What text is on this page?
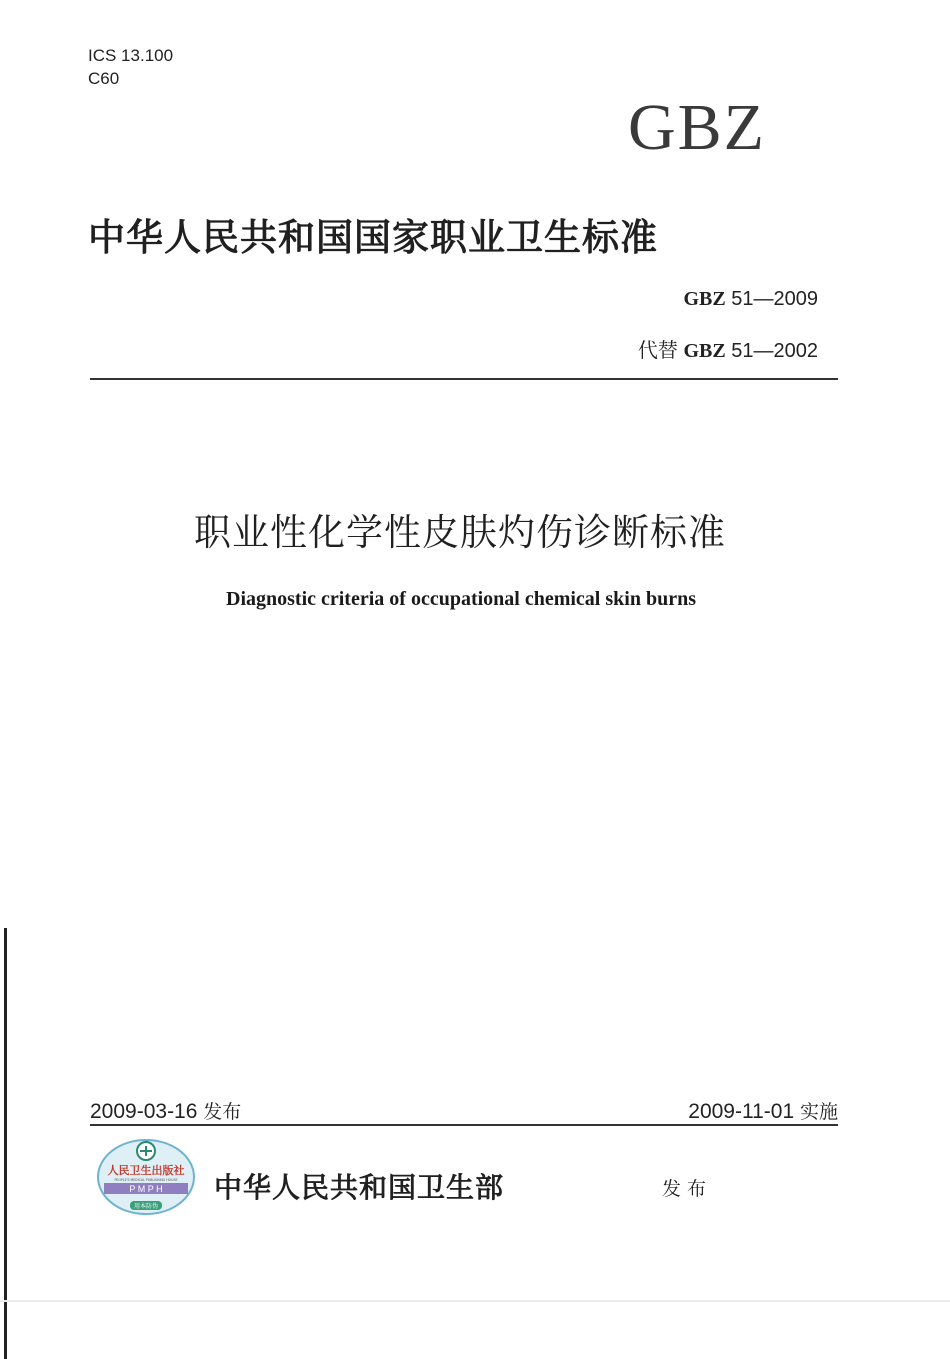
ICS 13.100
C60
GBZ
中华人民共和国国家职业卫生标准
GBZ 51—2009
代替 GBZ 51—2002
职业性化学性皮肤灼伤诊断标准
Diagnostic criteria of occupational chemical skin burns
2009-03-16 发布	2009-11-01 实施
人民卫生出版社
PEOPLE'S MEDICAL PUBLISHING HOUSE
P M P H
用本防伪
中华人民共和国卫生部	发布
